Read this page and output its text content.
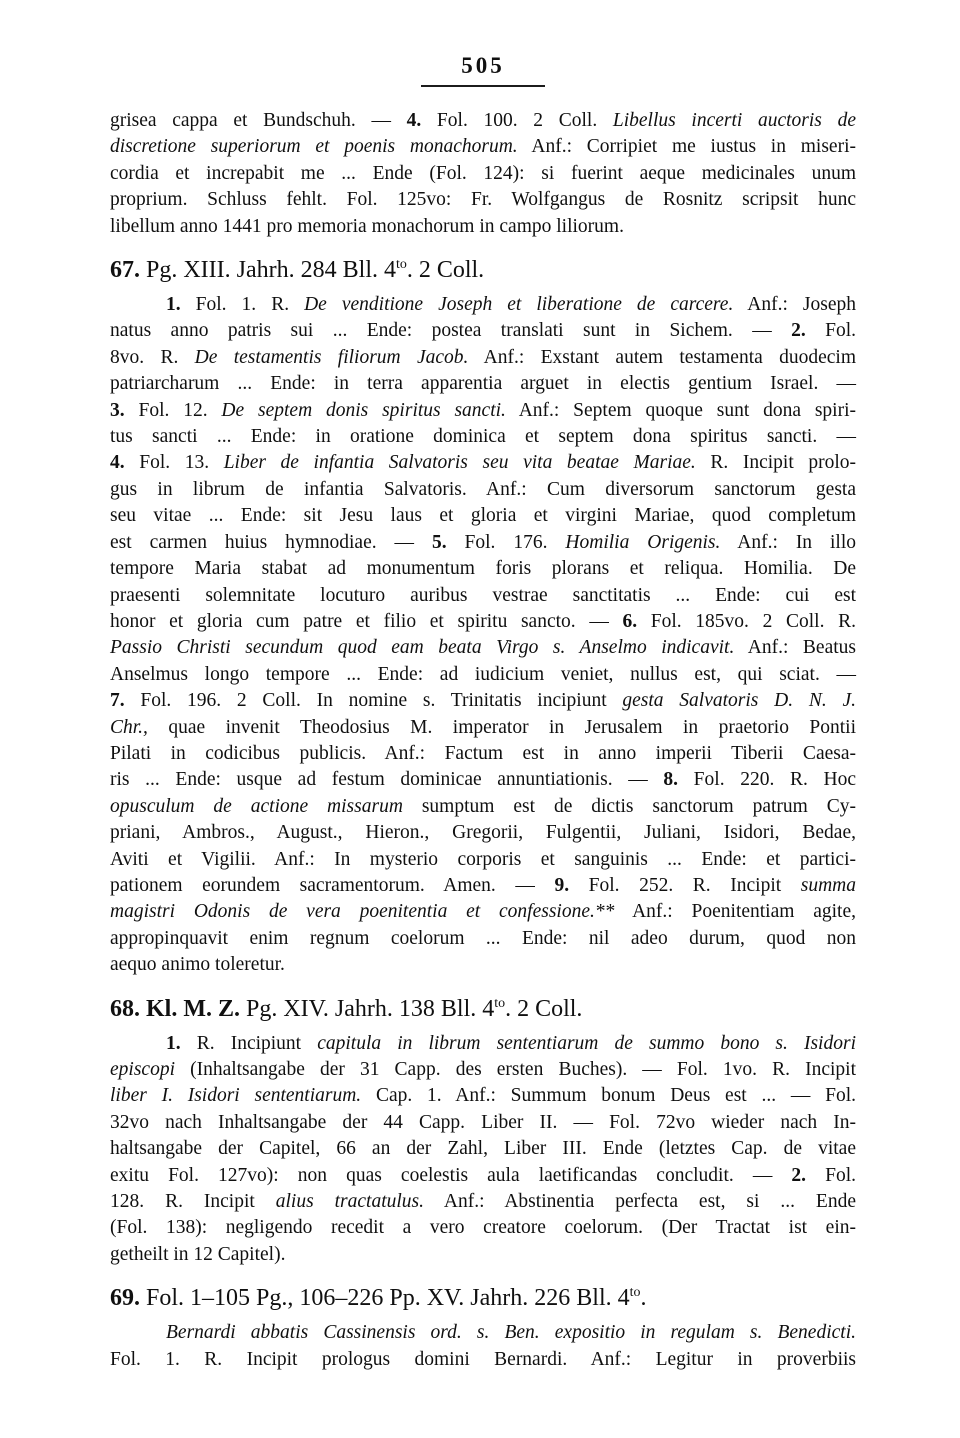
505
grisea cappa et Bundschuh. — 4. Fol. 100. 2 Coll. Libellus incerti auctoris de
discretione superiorum et poenis monachorum. Anf.: Corripiet me iustus in miseri-
cordia et increpabit me ... Ende (Fol. 124): si fuerint aeque medicinales unum
proprium. Schluss fehlt. Fol. 125vo: Fr. Wolfgangus de Rosnitz scripsit hunc
libellum anno 1441 pro memoria monachorum in campo liliorum.
67. Pg. XIII. Jahrh. 284 Bll. $4^{to}$. 2 Coll.
1. Fol. 1. R. De venditione Joseph et liberatione de carcere. Anf.: Joseph
natus anno patris sui ... Ende: postea translati sunt in Sichem. — 2. Fol.
8vo. R. De testamentis filiorum Jacob. Anf.: Exstant autem testamenta duodecim
patriarcharum ... Ende: in terra apparentia arguet in electis gentium Israel. —
3. Fol. 12. De septem donis spiritus sancti. Anf.: Septem quoque sunt dona spiri-
tus sancti ... Ende: in oratione dominica et septem dona spiritus sancti. —
4. Fol. 13. Liber de infantia Salvatoris seu vita beatae Mariae. R. Incipit prolo-
gus in librum de infantia Salvatoris. Anf.: Cum diversorum sanctorum gesta
seu vitae ... Ende: sit Jesu laus et gloria et virgini Mariae, quod completum
est carmen huius hymnodiae. — 5. Fol. 176. Homilia Origenis. Anf.: In illo
tempore Maria stabat ad monumentum foris plorans et reliqua. Homilia. De
praesenti solemnitate locuturo auribus vestrae sanctitatis ... Ende: cui est
honor et gloria cum patre et filio et spiritu sancto. — 6. Fol. 185vo. 2 Coll. R.
Passio Christi secundum quod eam beata Virgo s. Anselmo indicavit. Anf.: Beatus
Anselmus longo tempore ... Ende: ad iudicium veniet, nullus est, qui sciat. —
7. Fol. 196. 2 Coll. In nomine s. Trinitatis incipiunt gesta Salvatoris D. N. J.
Chr., quae invenit Theodosius M. imperator in Jerusalem in praetorio Pontii
Pilati in codicibus publicis. Anf.: Factum est in anno imperii Tiberii Caesa-
ris ... Ende: usque ad festum dominicae annuntiationis. — 8. Fol. 220. R. Hoc
opusculum de actione missarum sumptum est de dictis sanctorum patrum Cy-
priani, Ambros., August., Hieron., Gregorii, Fulgentii, Juliani, Isidori, Bedae,
Aviti et Vigilii. Anf.: In mysterio corporis et sanguinis ... Ende: et partici-
pationem eorundem sacramentorum. Amen. — 9. Fol. 252. R. Incipit summa
magistri Odonis de vera poenitentia et confessione.** Anf.: Poenitentiam agite,
appropinquavit enim regnum coelorum ... Ende: nil adeo durum, quod non
aequo animo toleretur.
68. Kl. M. Z. Pg. XIV. Jahrh. 138 Bll. $4^{to}$. 2 Coll.
1. R. Incipiunt capitula in librum sententiarum de summo bono s. Isidori
episcopi (Inhaltsangabe der 31 Capp. des ersten Buches). — Fol. 1vo. R. Incipit
liber I. Isidori sententiarum. Cap. 1. Anf.: Summum bonum Deus est ... — Fol.
32vo nach Inhaltsangabe der 44 Capp. Liber II. — Fol. 72vo wieder nach In-
haltsangabe der Capitel, 66 an der Zahl, Liber III. Ende (letztes Cap. de vitae
exitu Fol. 127vo): non quas coelestis aula laetificandas concludit. — 2. Fol.
128. R. Incipit alius tractatulus. Anf.: Abstinentia perfecta est, si ... Ende
(Fol. 138): negligendo recedit a vero creatore coelorum. (Der Tractat ist ein-
getheilt in 12 Capitel).
69. Fol. 1–105 Pg., 106–226 Pp. XV. Jahrh. 226 Bll. $4^{to}$.
Bernardi abbatis Cassinensis ord. s. Ben. expositio in regulam s. Benedicti.
Fol. 1. R. Incipit prologus domini Bernardi. Anf.: Legitur in proverbiis
